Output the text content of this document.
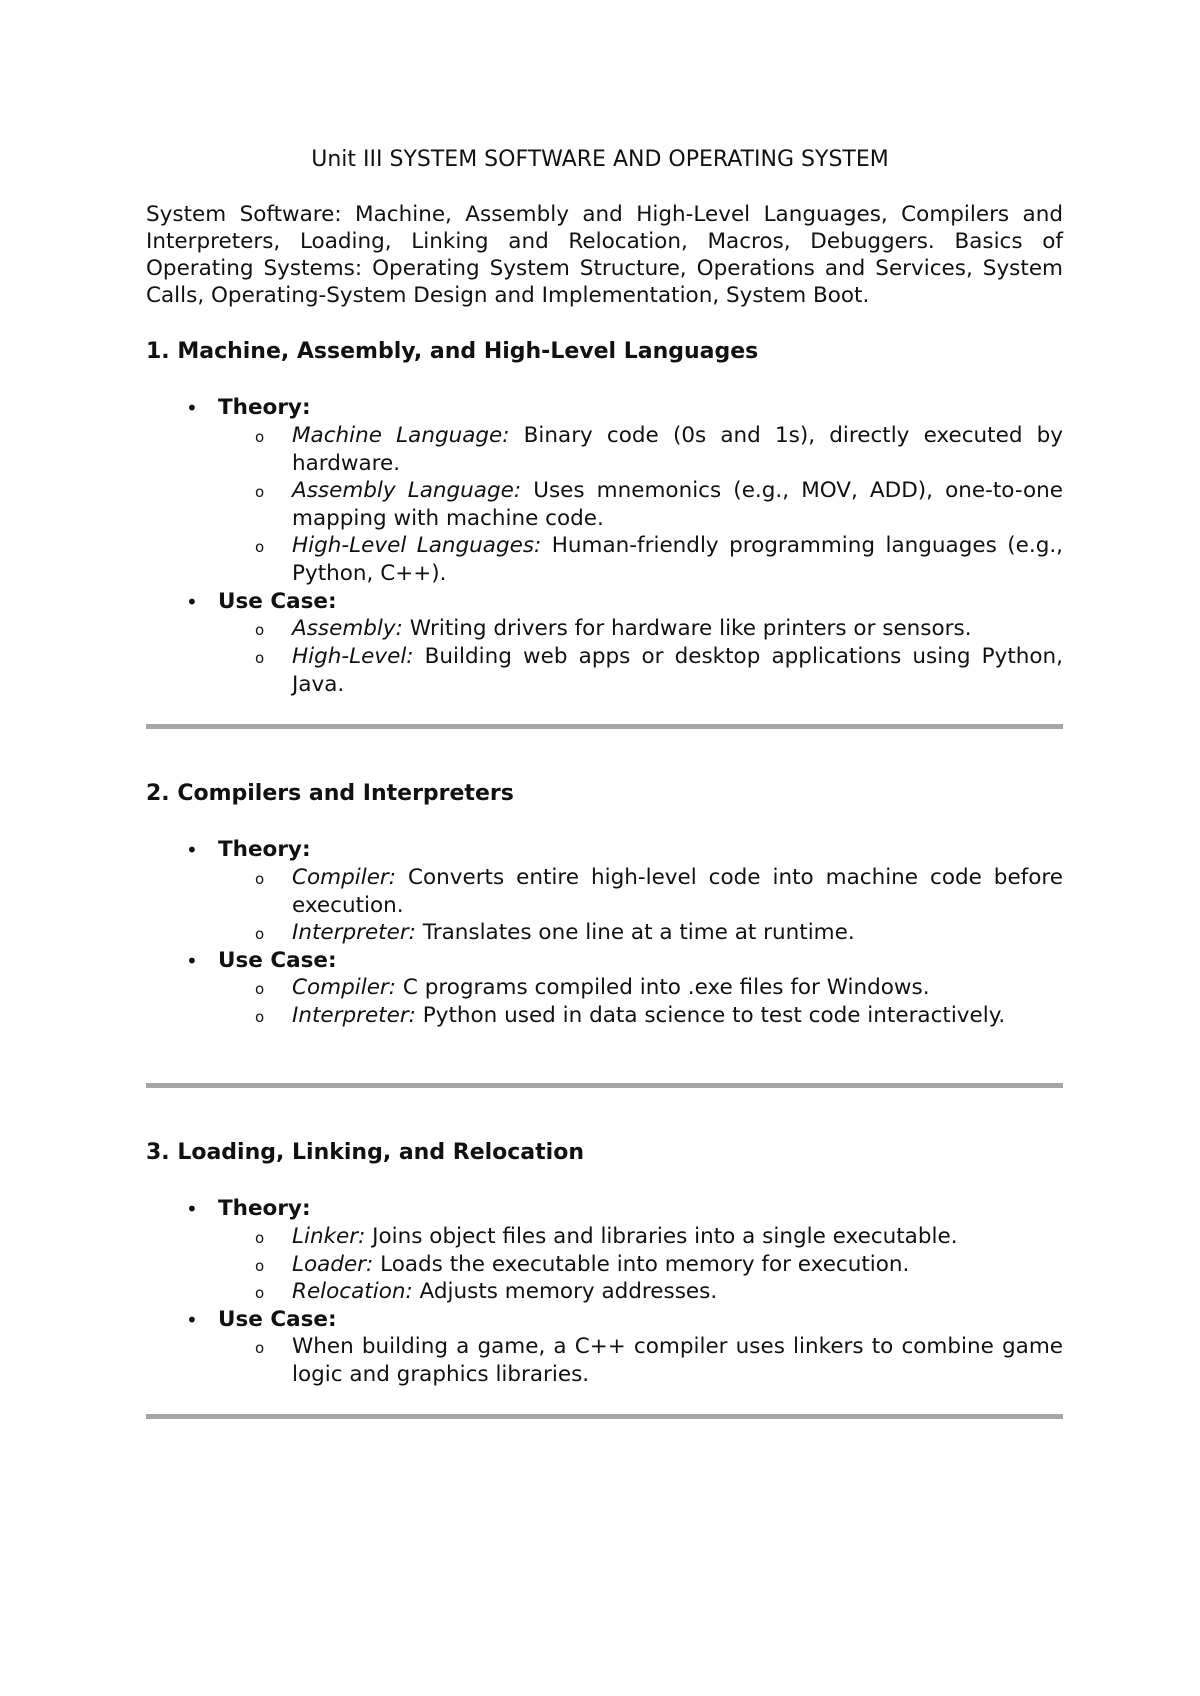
Unit III SYSTEM SOFTWARE AND OPERATING SYSTEM
System Software: Machine, Assembly and High-Level Languages, Compilers and Interpreters, Loading, Linking and Relocation, Macros, Debuggers. Basics of Operating Systems: Operating System Structure, Operations and Services, System Calls, Operating-System Design and Implementation, System Boot.
1. Machine, Assembly, and High-Level Languages
• Theory:
o Machine Language: Binary code (0s and 1s), directly executed by hardware.
o Assembly Language: Uses mnemonics (e.g., MOV, ADD), one-to-one mapping with machine code.
o High-Level Languages: Human-friendly programming languages (e.g., Python, C++).
• Use Case:
o Assembly: Writing drivers for hardware like printers or sensors.
o High-Level: Building web apps or desktop applications using Python, Java.
2. Compilers and Interpreters
• Theory:
o Compiler: Converts entire high-level code into machine code before execution.
o Interpreter: Translates one line at a time at runtime.
• Use Case:
o Compiler: C programs compiled into .exe files for Windows.
o Interpreter: Python used in data science to test code interactively.
3. Loading, Linking, and Relocation
• Theory:
o Linker: Joins object files and libraries into a single executable.
o Loader: Loads the executable into memory for execution.
o Relocation: Adjusts memory addresses.
• Use Case:
o When building a game, a C++ compiler uses linkers to combine game logic and graphics libraries.
